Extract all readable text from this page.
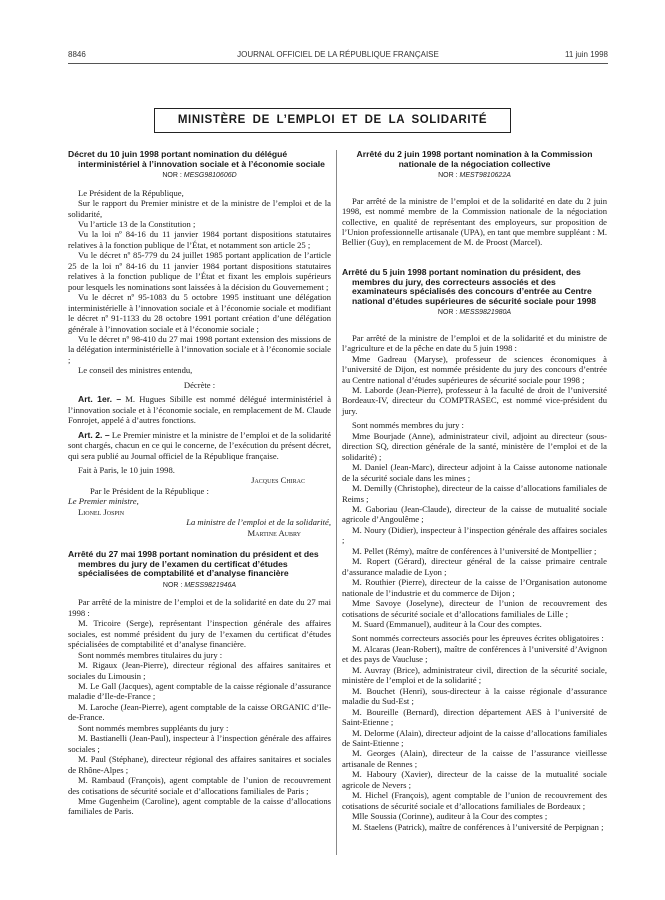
8846	JOURNAL OFFICIEL DE LA RÉPUBLIQUE FRANÇAISE	11 juin 1998
MINISTÈRE DE L’EMPLOI ET DE LA SOLIDARITÉ
Décret du 10 juin 1998 portant nomination du délégué interministériel à l’innovation sociale et à l’économie sociale
NOR : MESG9810606D

Le Président de la République,

Sur le rapport du Premier ministre et de la ministre de l’emploi et de la solidarité,

Vu l’article 13 de la Constitution ;

Vu la loi nº 84-16 du 11 janvier 1984 portant dispositions statutaires relatives à la fonction publique de l’État, et notamment son article 25 ;

Vu le décret nº 85-779 du 24 juillet 1985 portant application de l’article 25 de la loi nº 84-16 du 11 janvier 1984 portant dispositions statutaires relatives à la fonction publique de l’État et fixant les emplois supérieurs pour lesquels les nominations sont laissées à la décision du Gouvernement ;

Vu le décret nº 95-1083 du 5 octobre 1995 instituant une délégation interministérielle à l’innovation sociale et à l’économie sociale et modifiant le décret nº 91-1133 du 28 octobre 1991 portant création d’une délégation générale à l’innovation sociale et à l’économie sociale ;

Vu le décret nº 98-410 du 27 mai 1998 portant extension des missions de la délégation interministérielle à l’innovation sociale et à l’économie sociale ;

Le conseil des ministres entendu,

Décrète :

Art. 1er. – M. Hugues Sibille est nommé délégué interministériel à l’innovation sociale et à l’économie sociale, en remplacement de M. Claude Fonrojet, appelé à d’autres fonctions.

Art. 2. – Le Premier ministre et la ministre de l’emploi et de la solidarité sont chargés, chacun en ce qui le concerne, de l’exécution du présent décret, qui sera publié au Journal officiel de la République française.

Fait à Paris, le 10 juin 1998.

Jacques Chirac

Par le Président de la République :

Le Premier ministre,

Lionel Jospin

La ministre de l’emploi et de la solidarité,

Martine Aubry

Arrêté du 27 mai 1998 portant nomination du président et des membres du jury de l’examen du certificat d’études spécialisées de comptabilité et d’analyse financière
NOR : MESS9821946A

Par arrêté de la ministre de l’emploi et de la solidarité en date du 27 mai 1998 :

M. Tricoire (Serge), représentant l’inspection générale des affaires sociales, est nommé président du jury de l’examen du certificat d’études spécialisées de comptabilité et d’analyse financière.

Sont nommés membres titulaires du jury :

M. Rigaux (Jean-Pierre), directeur régional des affaires sanitaires et sociales du Limousin ;

M. Le Gall (Jacques), agent comptable de la caisse régionale d’assurance maladie d’Ile-de-France ;

M. Laroche (Jean-Pierre), agent comptable de la caisse ORGANIC d’Ile-de-France.

Sont nommés membres suppléants du jury :

M. Bastianelli (Jean-Paul), inspecteur à l’inspection générale des affaires sociales ;

M. Paul (Stéphane), directeur régional des affaires sanitaires et sociales de Rhône-Alpes ;

M. Rambaud (François), agent comptable de l’union de recouvrement des cotisations de sécurité sociale et d’allocations familiales de Paris ;

Mme Gugenheim (Caroline), agent comptable de la caisse d’allocations familiales de Paris.

Arrêté du 2 juin 1998 portant nomination à la Commission nationale de la négociation collective
NOR : MEST9810622A

Par arrêté de la ministre de l’emploi et de la solidarité en date du 2 juin 1998, est nommé membre de la Commission nationale de la négociation collective, en qualité de représentant des employeurs, sur proposition de l’Union professionnelle artisanale (UPA), en tant que membre suppléant : M. Bellier (Guy), en remplacement de M. de Proost (Marcel).

Arrêté du 5 juin 1998 portant nomination du président, des membres du jury, des correcteurs associés et des examinateurs spécialisés des concours d’entrée au Centre national d’études supérieures de sécurité sociale pour 1998
NOR : MESS9821980A

Par arrêté de la ministre de l’emploi et de la solidarité et du ministre de l’agriculture et de la pêche en date du 5 juin 1998 :

Mme Gadreau (Maryse), professeur de sciences économiques à l’université de Dijon, est nommée présidente du jury des concours d’entrée au Centre national d’études supérieures de sécurité sociale pour 1998 ;

M. Laborde (Jean-Pierre), professeur à la faculté de droit de l’université Bordeaux-IV, directeur du COMPTRASEC, est nommé vice-président du jury.

Sont nommés membres du jury :

Mme Bourjade (Anne), administrateur civil, adjoint au directeur (sous-direction SQ, direction générale de la santé, ministère de l’emploi et de la solidarité) ;

M. Daniel (Jean-Marc), directeur adjoint à la Caisse autonome nationale de la sécurité sociale dans les mines ;

M. Demilly (Christophe), directeur de la caisse d’allocations familiales de Reims ;

M. Gaboriau (Jean-Claude), directeur de la caisse de mutualité sociale agricole d’Angoulême ;

M. Noury (Didier), inspecteur à l’inspection générale des affaires sociales ;

M. Pellet (Rémy), maître de conférences à l’université de Montpellier ;

M. Ropert (Gérard), directeur général de la caisse primaire centrale d’assurance maladie de Lyon ;

M. Routhier (Pierre), directeur de la caisse de l’Organisation autonome nationale de l’industrie et du commerce de Dijon ;

Mme Savoye (Joselyne), directeur de l’union de recouvrement des cotisations de sécurité sociale et d’allocations familiales de Lille ;

M. Suard (Emmanuel), auditeur à la Cour des comptes.

Sont nommés correcteurs associés pour les épreuves écrites obligatoires :

M. Alcaras (Jean-Robert), maître de conférences à l’université d’Avignon et des pays de Vaucluse ;

M. Auvray (Brice), administrateur civil, direction de la sécurité sociale, ministère de l’emploi et de la solidarité ;

M. Bouchet (Henri), sous-directeur à la caisse régionale d’assurance maladie du Sud-Est ;

M. Boureille (Bernard), direction département AES à l’université de Saint-Etienne ;

M. Delorme (Alain), directeur adjoint de la caisse d’allocations familiales de Saint-Etienne ;

M. Georges (Alain), directeur de la caisse de l’assurance vieillesse artisanale de Rennes ;

M. Haboury (Xavier), directeur de la caisse de la mutualité sociale agricole de Nevers ;

M. Hichel (François), agent comptable de l’union de recouvrement des cotisations de sécurité sociale et d’allocations familiales de Bordeaux ;

Mlle Soussia (Corinne), auditeur à la Cour des comptes ;

M. Staelens (Patrick), maître de conférences à l’université de Perpignan ;
